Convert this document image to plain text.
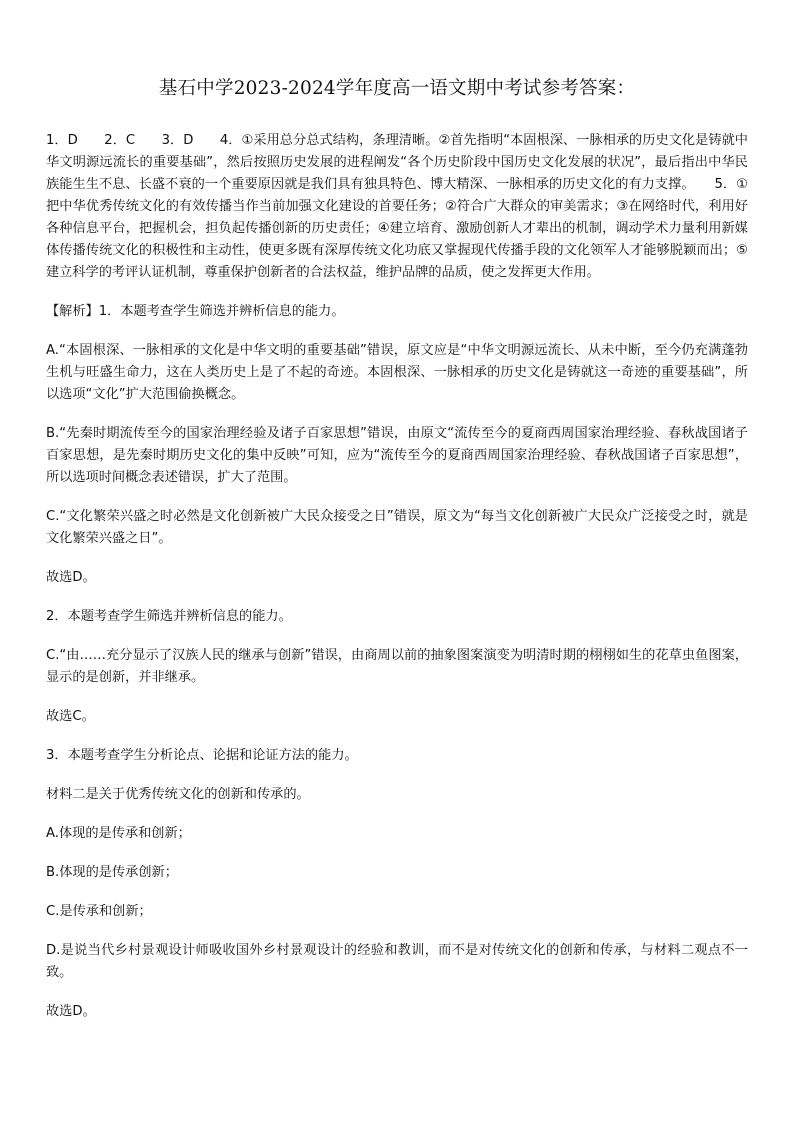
基石中学2023-2024学年度高一语文期中考试参考答案：

1．D　　2．C　　3．D　　4．①采用总分总式结构，条理清晰。②首先指明“本固根深、一脉相承的历史文化是铸就中华文明源远流长的重要基础”，然后按照历史发展的进程阐发“各个历史阶段中国历史文化发展的状况”，最后指出中华民族能生生不息、长盛不衰的一个重要原因就是我们具有独具特色、博大精深、一脉相承的历史文化的有力支撑。　　5．①把中华优秀传统文化的有效传播当作当前加强文化建设的首要任务；②符合广大群众的审美需求；③在网络时代，利用好各种信息平台，把握机会，担负起传播创新的历史责任；④建立培育、激励创新人才辈出的机制，调动学术力量利用新媒体传播传统文化的积极性和主动性，使更多既有深厚传统文化功底又掌握现代传播手段的文化领军人才能够脱颖而出；⑤建立科学的考评认证机制，尊重保护创新者的合法权益，维护品牌的品质，使之发挥更大作用。

【解析】1．本题考查学生筛选并辨析信息的能力。

A.“本固根深、一脉相承的文化是中华文明的重要基础”错误，原文应是“中华文明源远流长、从未中断，至今仍充满蓬勃生机与旺盛生命力，这在人类历史上是了不起的奇迹。本固根深、一脉相承的历史文化是铸就这一奇迹的重要基础”，所以选项“文化”扩大范围偷换概念。

B.“先秦时期流传至今的国家治理经验及诸子百家思想”错误，由原文“流传至今的夏商西周国家治理经验、春秋战国诸子百家思想，是先秦时期历史文化的集中反映”可知，应为“流传至今的夏商西周国家治理经验、春秋战国诸子百家思想”，所以选项时间概念表述错误，扩大了范围。

C.“文化繁荣兴盛之时必然是文化创新被广大民众接受之日”错误，原文为“每当文化创新被广大民众广泛接受之时，就是文化繁荣兴盛之日”。

故选D。

2．本题考查学生筛选并辨析信息的能力。

C.“由……充分显示了汉族人民的继承与创新”错误，由商周以前的抽象图案演变为明清时期的栩栩如生的花草虫鱼图案，显示的是创新，并非继承。

故选C。

3．本题考查学生分析论点、论据和论证方法的能力。

材料二是关于优秀传统文化的创新和传承的。

A.体现的是传承和创新；

B.体现的是传承创新；

C.是传承和创新；

D.是说当代乡村景观设计师吸收国外乡村景观设计的经验和教训，而不是对传统文化的创新和传承，与材料二观点不一致。

故选D。
